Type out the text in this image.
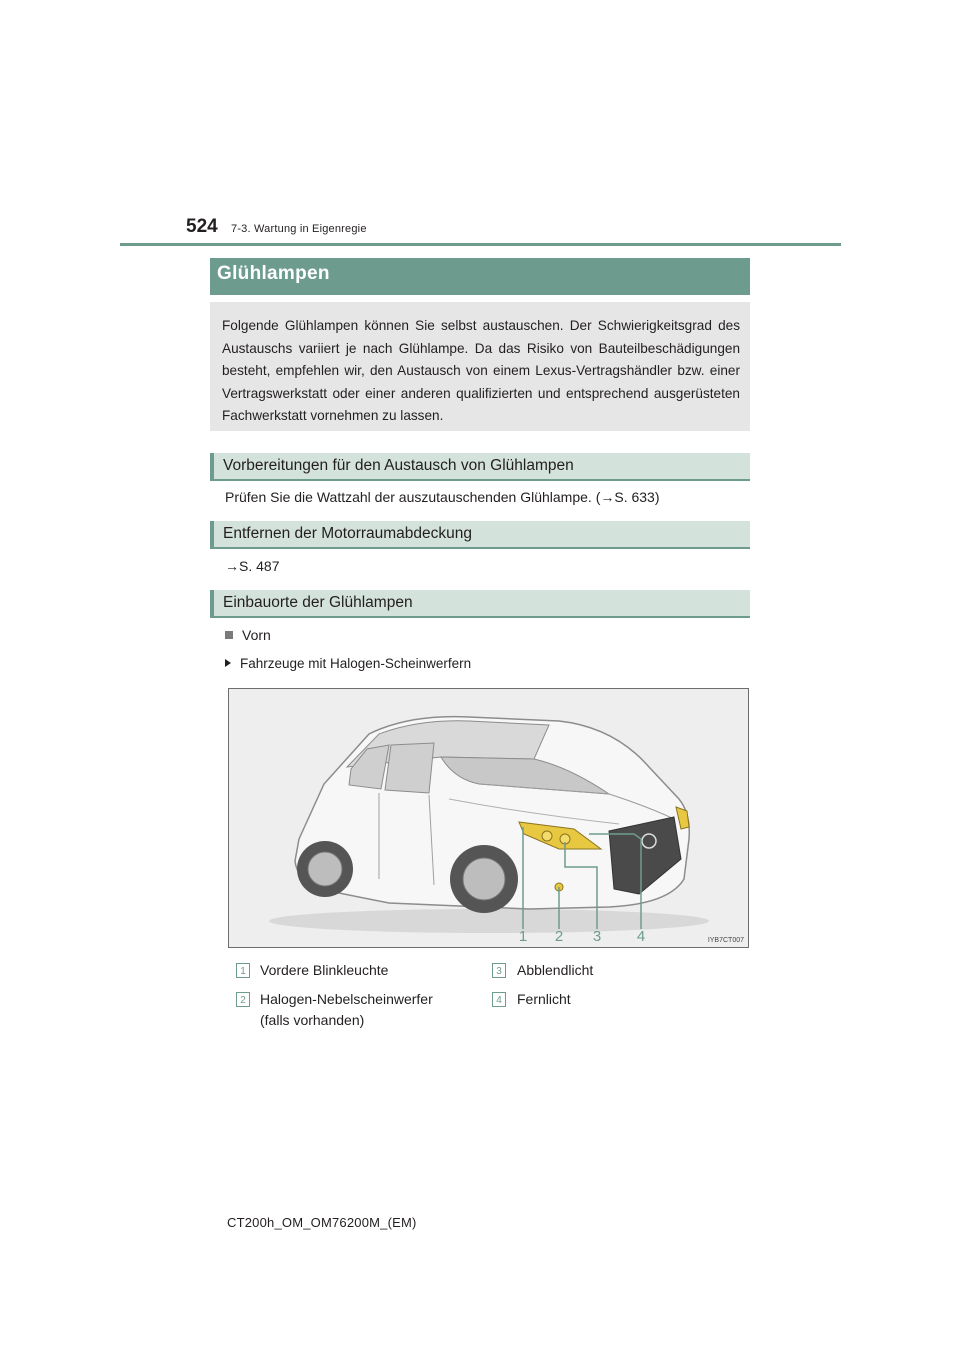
524 7-3. Wartung in Eigenregie
Glühlampen

Folgende Glühlampen können Sie selbst austauschen. Der Schwierigkeitsgrad des Austauschs variiert je nach Glühlampe. Da das Risiko von Bauteilbeschädigungen besteht, empfehlen wir, den Austausch von einem Lexus-Vertragshändler bzw. einer Vertragswerkstatt oder einer anderen qualifizierten und entsprechend ausgerüsteten Fachwerkstatt vornehmen zu lassen.

Vorbereitungen für den Austausch von Glühlampen
Prüfen Sie die Wattzahl der auszutauschenden Glühlampe. (→S. 633)
Entfernen der Motorraumabdeckung
→S. 487
Einbauorte der Glühlampen
Vorn
Fahrzeuge mit Halogen-Scheinwerfern
1 2 3 4	IYB7CT007
1	Vordere Blinkleuchte
2	Halogen-Nebelscheinwerfer
(falls vorhanden)
3	Abblendlicht
4	Fernlicht
CT200h_OM_OM76200M_(EM)
